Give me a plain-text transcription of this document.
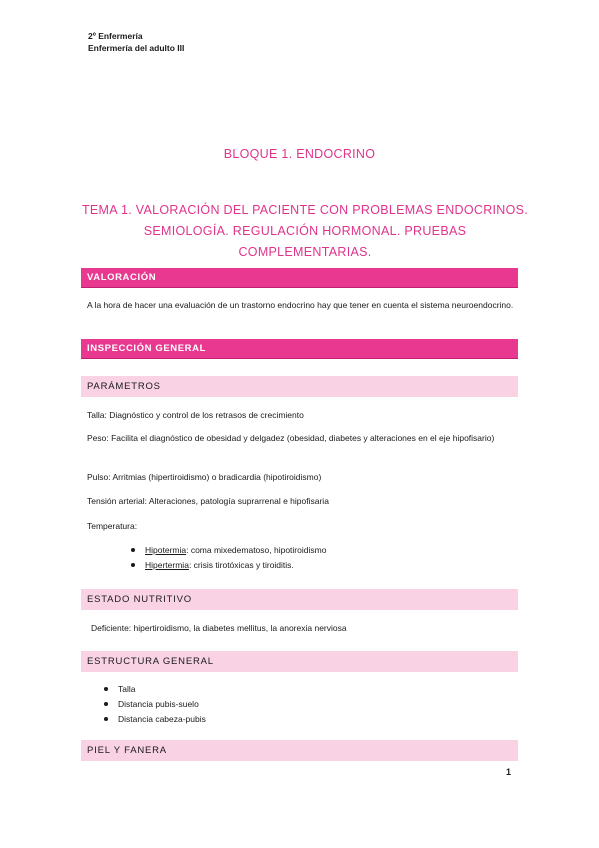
2º Enfermería
Enfermería del adulto III
BLOQUE 1. ENDOCRINO
TEMA 1. VALORACIÓN DEL PACIENTE CON PROBLEMAS ENDOCRINOS.
SEMIOLOGÍA. REGULACIÓN HORMONAL. PRUEBAS
COMPLEMENTARIAS.
VALORACIÓN
A la hora de hacer una evaluación de un trastorno endocrino hay que tener en cuenta el sistema neuroendocrino.
INSPECCIÓN GENERAL
PARÁMETROS
Talla: Diagnóstico y control de los retrasos de crecimiento
Peso: Facilita el diagnóstico de obesidad y delgadez (obesidad, diabetes y alteraciones en el eje hipofisario)
Pulso: Arritmias (hipertiroidismo) o bradicardia (hipotiroidismo)
Tensión arterial: Alteraciones, patología suprarrenal e hipofisaria
Temperatura:
Hipotermia: coma mixedematoso, hipotiroidismo
Hipertermia: crisis tirotóxicas y tiroiditis.
ESTADO NUTRITIVO
Deficiente: hipertiroidismo, la diabetes mellitus, la anorexia nerviosa
ESTRUCTURA GENERAL
Talla
Distancia pubis-suelo
Distancia cabeza-pubis
PIEL Y FANERA
1
